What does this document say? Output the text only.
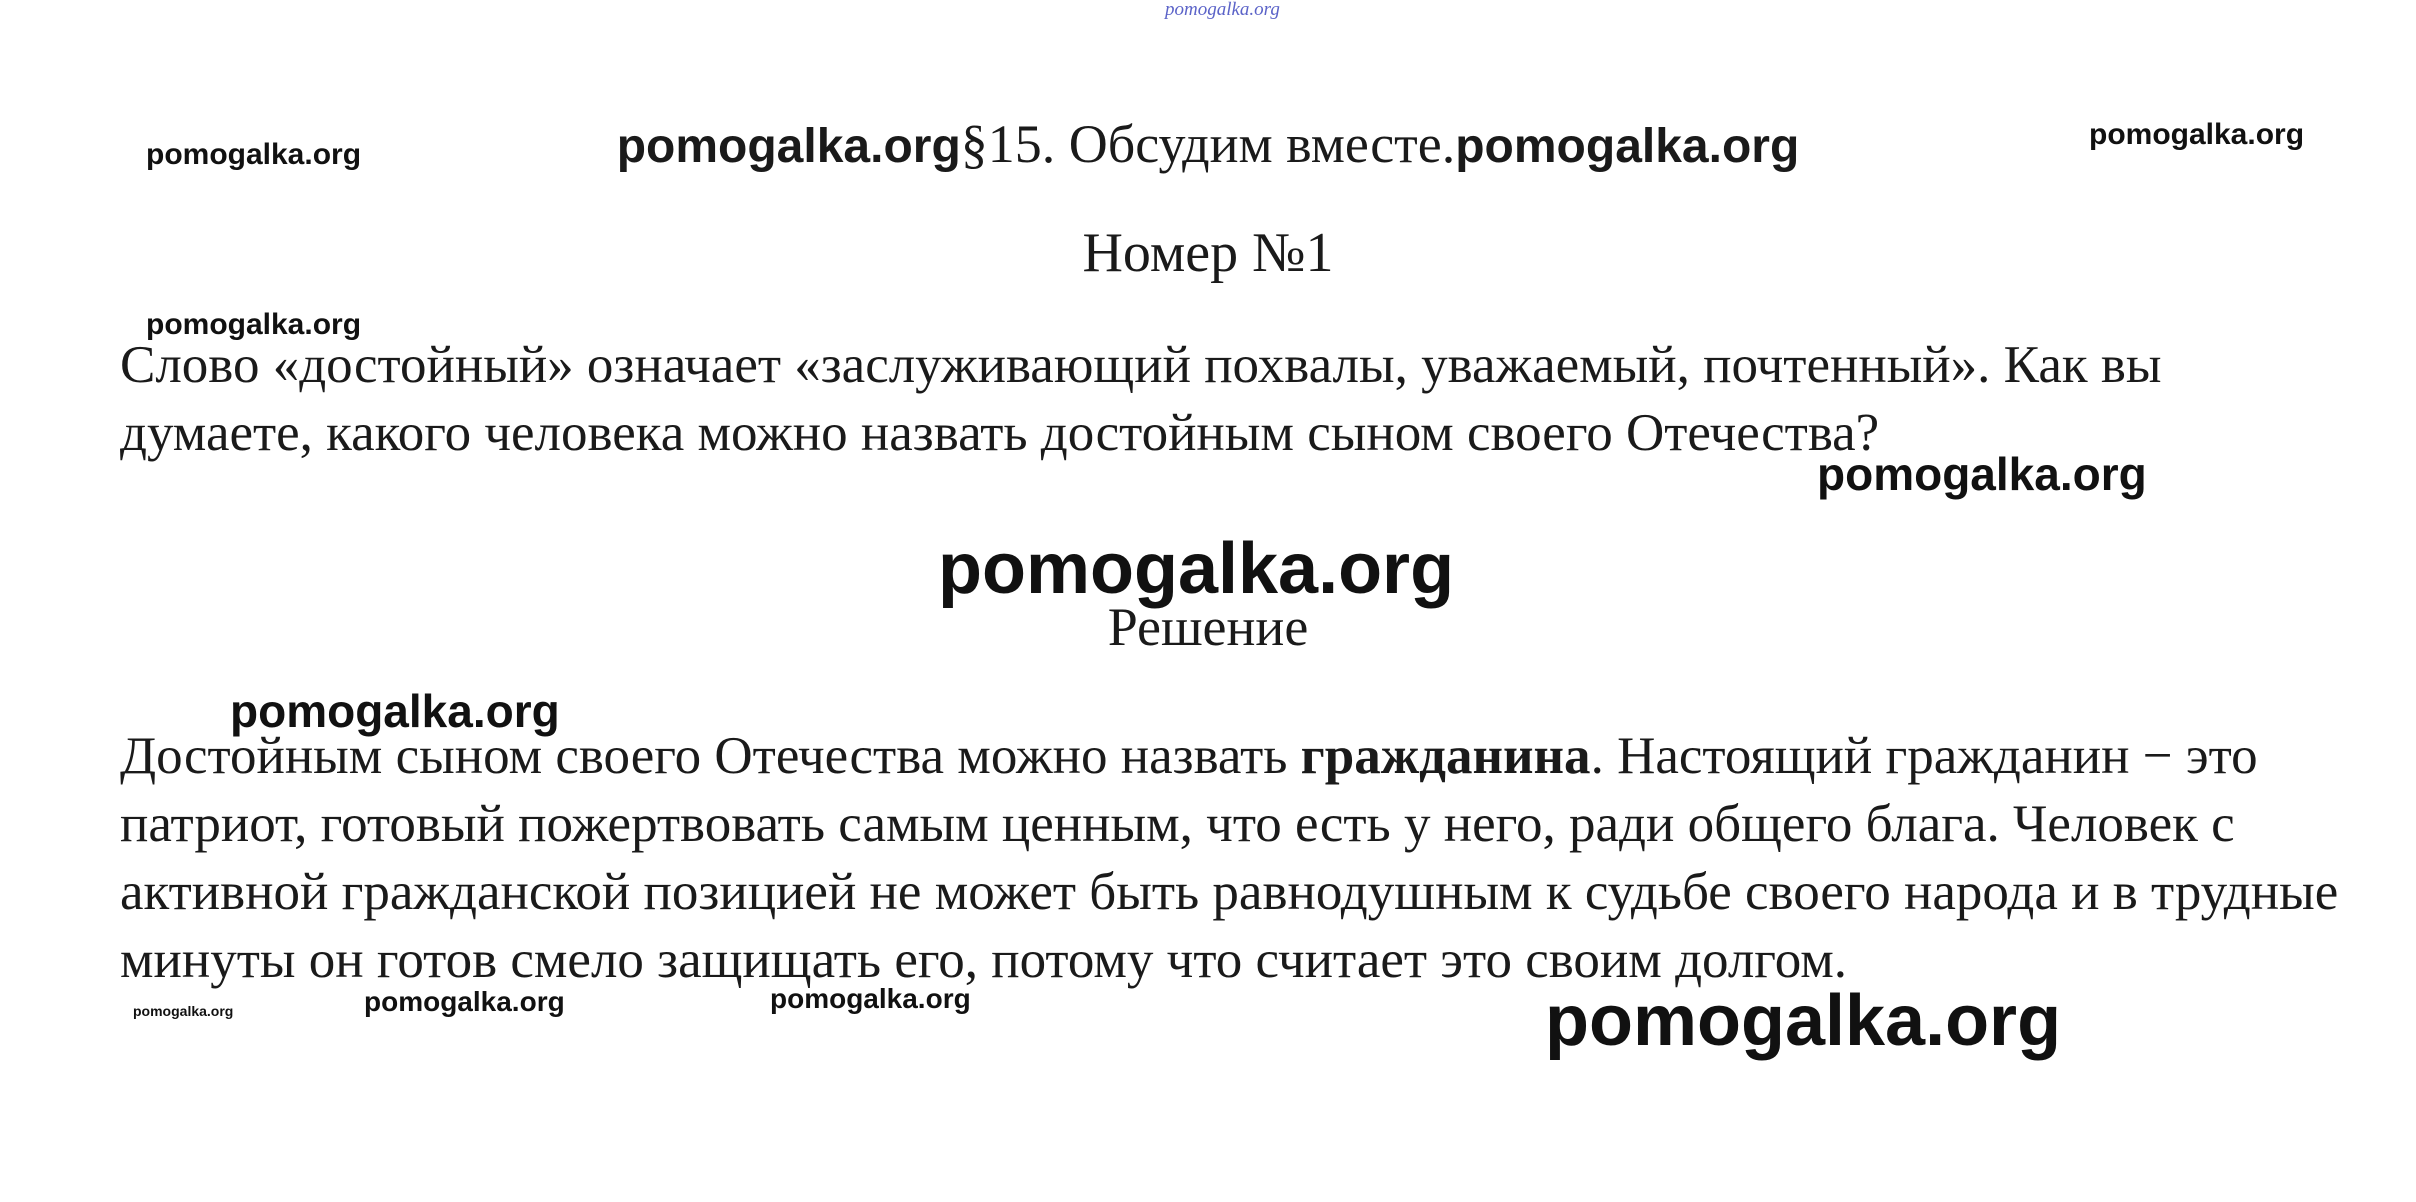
pomogalka.org
pomogalka.org§15. Обсудим вместе.pomogalka.org
pomogalka.org
pomogalka.org
Номер №1
pomogalka.org

Слово «достойный» означает «заслуживающий похвалы, уважаемый, почтенный». Как вы думаете, какого человека можно назвать достойным сыном своего Отечества?

pomogalka.org
pomogalka.org
Решение
pomogalka.org

Достойным сыном своего Отечества можно назвать гражданина. Настоящий гражданин − это патриот, готовый пожертвовать самым ценным, что есть у него, ради общего блага. Человек с активной гражданской позицией не может быть равнодушным к судьбе своего народа и в трудные минуты он готов смело защищать его, потому что считает это своим долгом.

pomogalka.org	pomogalka.org	pomogalka.org	pomogalka.org
